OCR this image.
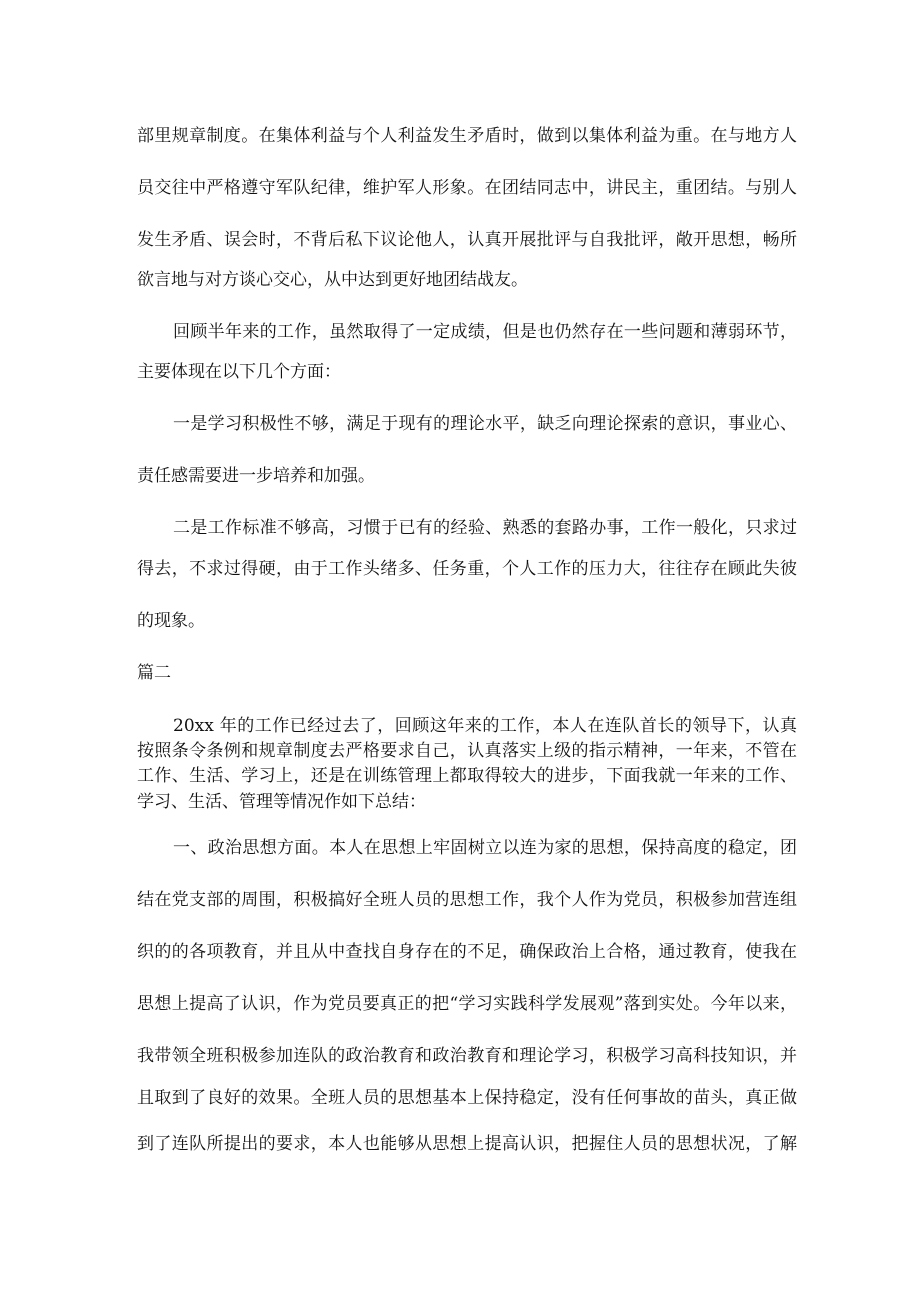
部里规章制度。在集体利益与个人利益发生矛盾时，做到以集体利益为重。在与地方人
员交往中严格遵守军队纪律，维护军人形象。在团结同志中，讲民主，重团结。与别人
发生矛盾、误会时，不背后私下议论他人，认真开展批评与自我批评，敞开思想，畅所
欲言地与对方谈心交心，从中达到更好地团结战友。
回顾半年来的工作，虽然取得了一定成绩，但是也仍然存在一些问题和薄弱环节，
主要体现在以下几个方面：
一是学习积极性不够，满足于现有的理论水平，缺乏向理论探索的意识，事业心、
责任感需要进一步培养和加强。
二是工作标准不够高，习惯于已有的经验、熟悉的套路办事，工作一般化，只求过
得去，不求过得硬，由于工作头绪多、任务重，个人工作的压力大，往往存在顾此失彼
的现象。
篇二
20xx 年的工作已经过去了，回顾这年来的工作，本人在连队首长的领导下，认真
按照条令条例和规章制度去严格要求自己，认真落实上级的指示精神，一年来，不管在
工作、生活、学习上，还是在训练管理上都取得较大的进步，下面我就一年来的工作、
学习、生活、管理等情况作如下总结：
一、政治思想方面。本人在思想上牢固树立以连为家的思想，保持高度的稳定，团
结在党支部的周围，积极搞好全班人员的思想工作，我个人作为党员，积极参加营连组
织的的各项教育，并且从中查找自身存在的不足，确保政治上合格，通过教育，使我在
思想上提高了认识，作为党员要真正的把“学习实践科学发展观”落到实处。今年以来，
我带领全班积极参加连队的政治教育和政治教育和理论学习，积极学习高科技知识，并
且取到了良好的效果。全班人员的思想基本上保持稳定，没有任何事故的苗头，真正做
到了连队所提出的要求，本人也能够从思想上提高认识，把握住人员的思想状况，了解
